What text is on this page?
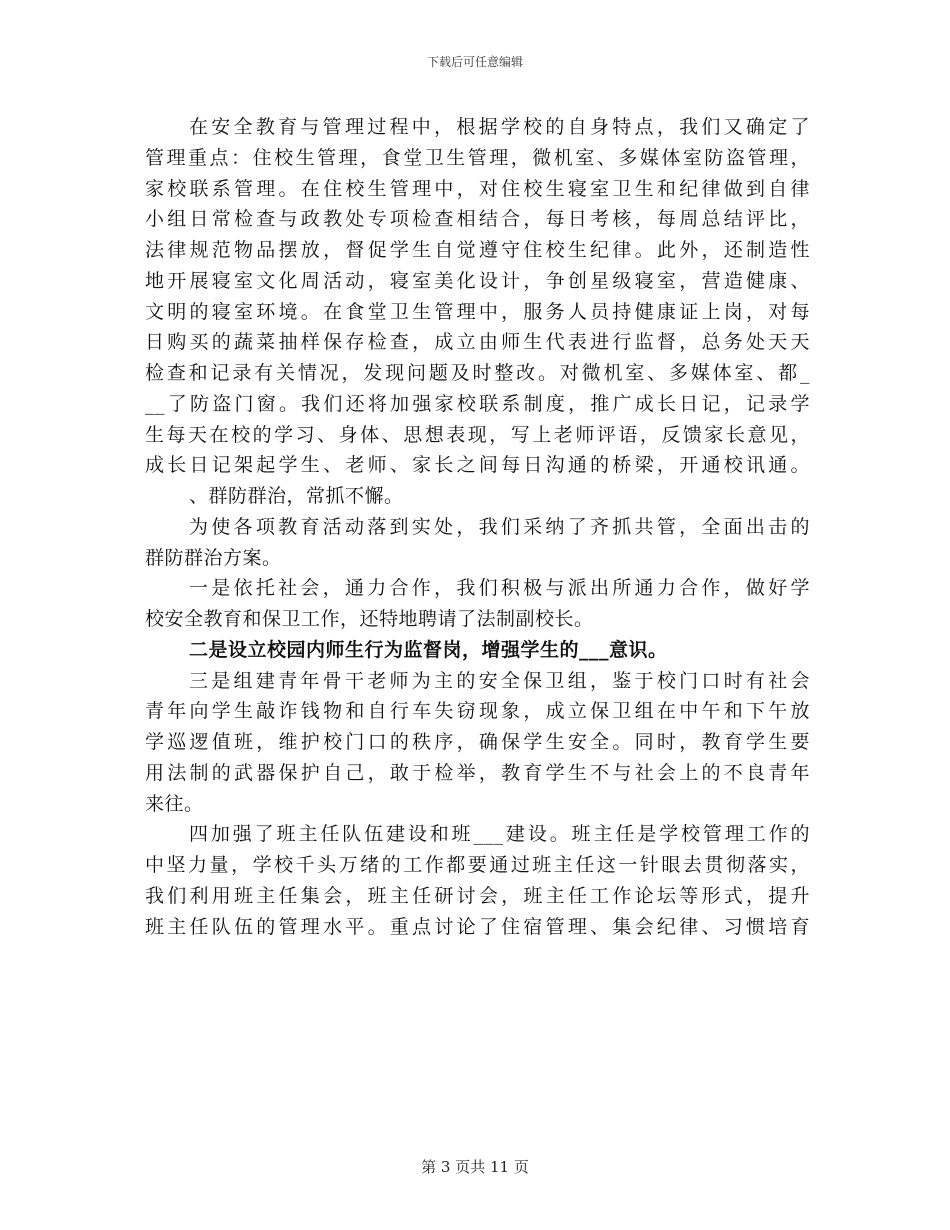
下载后可任意编辑
在安全教育与管理过程中，根据学校的自身特点，我们又确定了
管理重点：住校生管理，食堂卫生管理，微机室、多媒体室防盗管理，
家校联系管理。在住校生管理中，对住校生寝室卫生和纪律做到自律
小组日常检查与政教处专项检查相结合，每日考核，每周总结评比，
法律规范物品摆放，督促学生自觉遵守住校生纪律。此外，还制造性
地开展寝室文化周活动，寝室美化设计，争创星级寝室，营造健康、
文明的寝室环境。在食堂卫生管理中，服务人员持健康证上岗，对每
日购买的蔬菜抽样保存检查，成立由师生代表进行监督，总务处天天
检查和记录有关情况，发现问题及时整改。对微机室、多媒体室、都_
__了防盗门窗。我们还将加强家校联系制度，推广成长日记，记录学
生每天在校的学习、身体、思想表现，写上老师评语，反馈家长意见，
成长日记架起学生、老师、家长之间每日沟通的桥梁，开通校讯通。
、群防群治，常抓不懈。
为使各项教育活动落到实处，我们采纳了齐抓共管，全面出击的
群防群治方案。
一是依托社会，通力合作，我们积极与派出所通力合作，做好学
校安全教育和保卫工作，还特地聘请了法制副校长。
二是设立校园内师生行为监督岗，增强学生的___意识。
三是组建青年骨干老师为主的安全保卫组，鉴于校门口时有社会
青年向学生敲诈钱物和自行车失窃现象，成立保卫组在中午和下午放
学巡逻值班，维护校门口的秩序，确保学生安全。同时，教育学生要
用法制的武器保护自己，敢于检举，教育学生不与社会上的不良青年
来往。
四加强了班主任队伍建设和班___建设。班主任是学校管理工作的
中坚力量，学校千头万绪的工作都要通过班主任这一针眼去贯彻落实，
我们利用班主任集会，班主任研讨会，班主任工作论坛等形式，提升
班主任队伍的管理水平。重点讨论了住宿管理、集会纪律、习惯培育
第 3 页共 11 页
